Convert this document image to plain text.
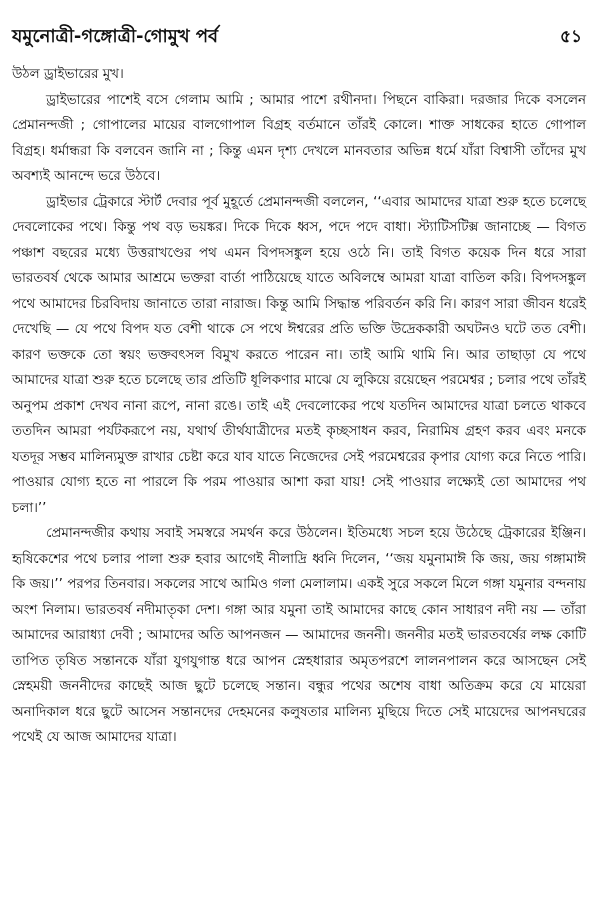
যমুনোত্রী-গঙ্গোত্রী-গোমুখ পর্ব	৫১

উঠল ড্রাইভারের মুখ।

ড্রাইভারের পাশেই বসে গেলাম আমি ; আমার পাশে রথীনদা। পিছনে বাকিরা। দরজার দিকে বসলেন প্রেমানন্দজী ; গোপালের মায়ের বালগোপাল বিগ্রহ বর্তমানে তাঁরই কোলে। শাক্ত সাধকের হাতে গোপাল বিগ্রহ। ধর্মান্ধরা কি বলবেন জানি না ; কিন্তু এমন দৃশ্য দেখলে মানবতার অভিন্ন ধর্মে যাঁরা বিশ্বাসী তাঁদের মুখ অবশ্যই আনন্দে ভরে উঠবে।

ড্রাইভার ট্রেকারে স্টার্ট দেবার পূর্ব মুহূর্তে প্রেমানন্দজী বললেন, ‘‘এবার আমাদের যাত্রা শুরু হতে চলেছে দেবলোকের পথে। কিন্তু পথ বড় ভয়ঙ্কর। দিকে দিকে ধ্বস, পদে পদে বাধা। স্ট্যাটিসটিক্স জানাচ্ছে — বিগত পঞ্চাশ বছরের মধ্যে উত্তরাখণ্ডের পথ এমন বিপদসঙ্কুল হয়ে ওঠে নি। তাই বিগত কয়েক দিন ধরে সারা ভারতবর্ষ থেকে আমার আশ্রমে ভক্তরা বার্তা পাঠিয়েছে যাতে অবিলম্বে আমরা যাত্রা বাতিল করি। বিপদসঙ্কুল পথে আমাদের চিরবিদায় জানাতে তারা নারাজ। কিন্তু আমি সিদ্ধান্ত পরিবর্তন করি নি। কারণ সারা জীবন ধরেই দেখেছি — যে পথে বিপদ যত বেশী থাকে সে পথে ঈশ্বরের প্রতি ভক্তি উদ্রেককারী অঘটনও ঘটে তত বেশী। কারণ ভক্তকে তো স্বয়ং ভক্তবৎসল বিমুখ করতে পারেন না। তাই আমি থামি নি। আর তাছাড়া যে পথে আমাদের যাত্রা শুরু হতে চলেছে তার প্রতিটি ধূলিকণার মাঝে যে লুকিয়ে রয়েছেন পরমেশ্বর ; চলার পথে তাঁরই অনুপম প্রকাশ দেখব নানা রূপে, নানা রঙে। তাই এই দেবলোকের পথে যতদিন আমাদের যাত্রা চলতে থাকবে ততদিন আমরা পর্যটকরূপে নয়, যথার্থ তীর্থযাত্রীদের মতই কৃচ্ছসাধন করব, নিরামিষ গ্রহণ করব এবং মনকে যতদূর সম্ভব মালিন্যমুক্ত রাখার চেষ্টা করে যাব যাতে নিজেদের সেই পরমেশ্বরের কৃপার যোগ্য করে নিতে পারি। পাওয়ার যোগ্য হতে না পারলে কি পরম পাওয়ার আশা করা যায়! সেই পাওয়ার লক্ষ্যেই তো আমাদের পথ চলা।’’

প্রেমানন্দজীর কথায় সবাই সমস্বরে সমর্থন করে উঠলেন। ইতিমধ্যে সচল হয়ে উঠেছে ট্রেকারের ইঞ্জিন। হৃষিকেশের পথে চলার পালা শুরু হবার আগেই নীলাদ্রি ধ্বনি দিলেন, ‘‘জয় যমুনামাঈ কি জয়, জয় গঙ্গামাঈ কি জয়।’’ পরপর তিনবার। সকলের সাথে আমিও গলা মেলালাম। একই সুরে সকলে মিলে গঙ্গা যমুনার বন্দনায় অংশ নিলাম। ভারতবর্ষ নদীমাতৃকা দেশ। গঙ্গা আর যমুনা তাই আমাদের কাছে কোন সাধারণ নদী নয় — তাঁরা আমাদের আরাধ্যা দেবী ; আমাদের অতি আপনজন — আমাদের জননী। জননীর মতই ভারতবর্ষের লক্ষ কোটি তাপিত তৃষিত সন্তানকে যাঁরা যুগযুগান্ত ধরে আপন স্নেহধারার অমৃতপরশে লালনপালন করে আসছেন সেই স্নেহময়ী জননীদের কাছেই আজ ছুটে চলেছে সন্তান। বন্ধুর পথের অশেষ বাধা অতিক্রম করে যে মায়েরা অনাদিকাল ধরে ছুটে আসেন সন্তানদের দেহমনের কলুষতার মালিন্য মুছিয়ে দিতে সেই মায়েদের আপনঘরের পথেই যে আজ আমাদের যাত্রা।
